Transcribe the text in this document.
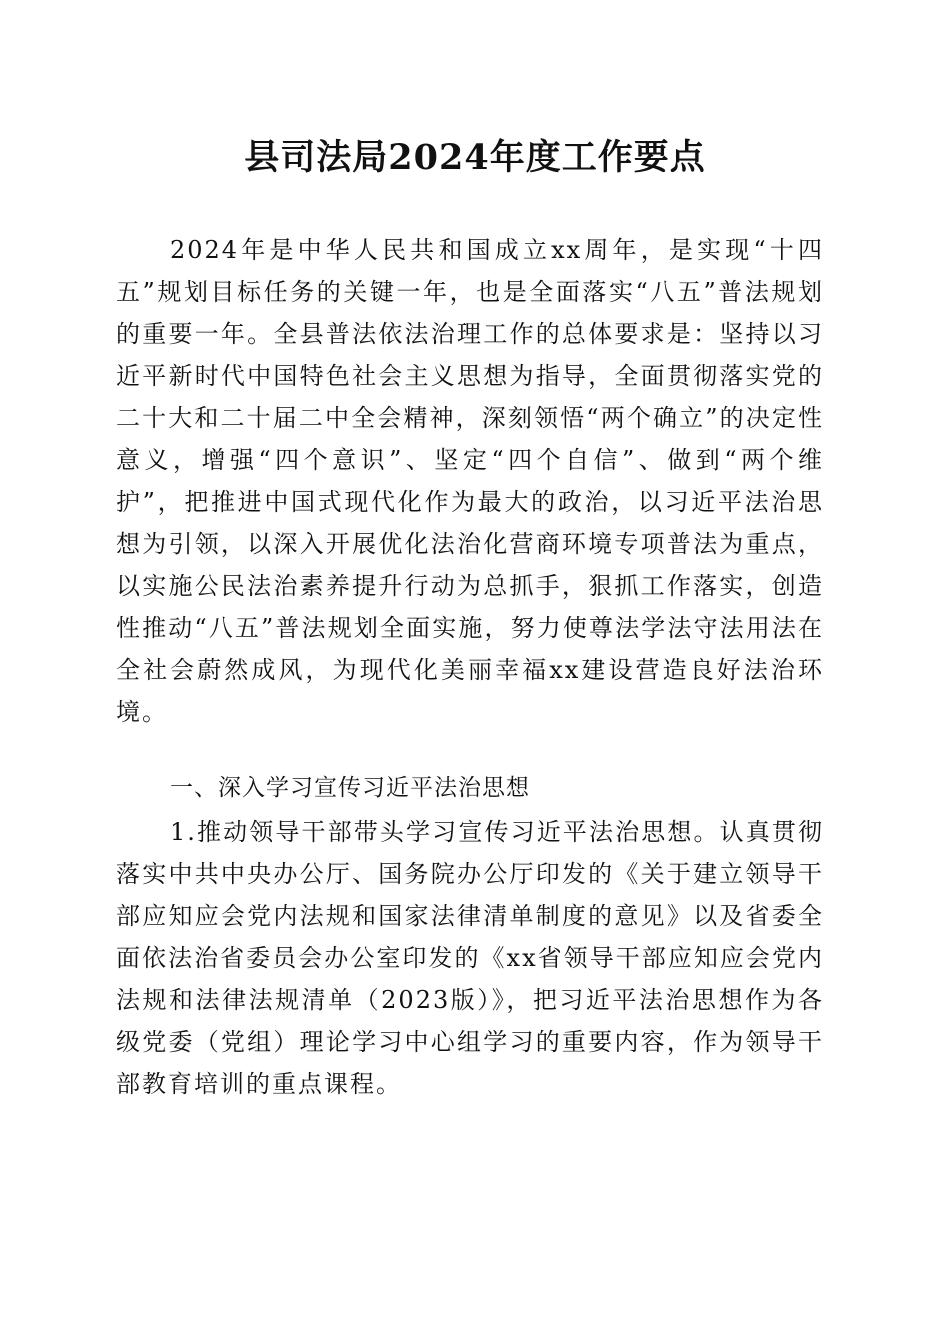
县司法局2024年度工作要点

2024年是中华人民共和国成立xx周年，是实现“十四五”规划目标任务的关键一年，也是全面落实“八五”普法规划的重要一年。全县普法依法治理工作的总体要求是：坚持以习近平新时代中国特色社会主义思想为指导，全面贯彻落实党的二十大和二十届二中全会精神，深刻领悟“两个确立”的决定性意义，增强“四个意识”、坚定“四个自信”、做到“两个维护”，把推进中国式现代化作为最大的政治，以习近平法治思想为引领，以深入开展优化法治化营商环境专项普法为重点，以实施公民法治素养提升行动为总抓手，狠抓工作落实，创造性推动“八五”普法规划全面实施，努力使尊法学法守法用法在全社会蔚然成风，为现代化美丽幸福xx建设营造良好法治环境。

一、深入学习宣传习近平法治思想

1.推动领导干部带头学习宣传习近平法治思想。认真贯彻落实中共中央办公厅、国务院办公厅印发的《关于建立领导干部应知应会党内法规和国家法律清单制度的意见》以及省委全面依法治省委员会办公室印发的《xx省领导干部应知应会党内法规和法律法规清单（2023版）》，把习近平法治思想作为各级党委（党组）理论学习中心组学习的重要内容，作为领导干部教育培训的重点课程。
